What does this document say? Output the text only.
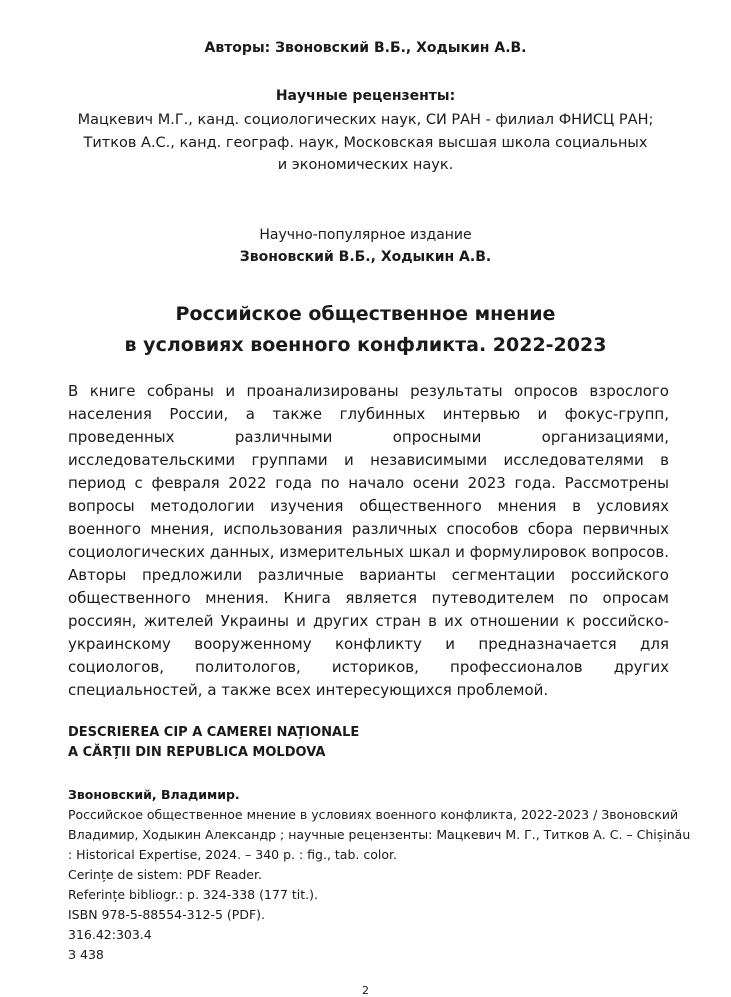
Авторы: Звоновский В.Б., Ходыкин А.В.
Научные рецензенты:
Мацкевич М.Г., канд. социологических наук, СИ РАН - филиал ФНИСЦ РАН;
Титков А.С., канд. географ. наук, Московская высшая школа социальных
и экономических наук.
Научно-популярное издание
Звоновский В.Б., Ходыкин А.В.
Российское общественное мнение
в условиях военного конфликта. 2022-2023

В книге собраны и проанализированы результаты опросов взрослого населения России, а также глубинных интервью и фокус-групп, проведенных различными опросными организациями, исследовательскими группами и независимыми исследователями в период с февраля 2022 года по начало осени 2023 года. Рассмотрены вопросы методологии изучения общественного мнения в условиях военного мнения, использования различных способов сбора первичных социологических данных, измерительных шкал и формулировок вопросов. Авторы предложили различные варианты сегментации российского общественного мнения. Книга является путеводителем по опросам россиян, жителей Украины и других стран в их отношении к российско-украинскому вооруженному конфликту и предназначается для социологов, политологов, историков, профессионалов других специальностей, а также всех интересующихся проблемой.

DESCRIEREA CIP A CAMEREI NAȚIONALE
A CĂRȚII DIN REPUBLICA MOLDOVA
Звоновский, Владимир.
Российское общественное мнение в условиях военного конфликта, 2022-2023 / Звоновский
Владимир, Ходыкин Александр ; научные рецензенты: Мацкевич М. Г., Титков А. С. – Chișinău
: Historical Expertise, 2024. – 340 p. : fig., tab. color.
Cerințe de sistem: PDF Reader.
Referințe bibliogr.: p. 324-338 (177 tit.).
ISBN 978-5-88554-312-5 (PDF).
316.42:303.4
З 438
2
